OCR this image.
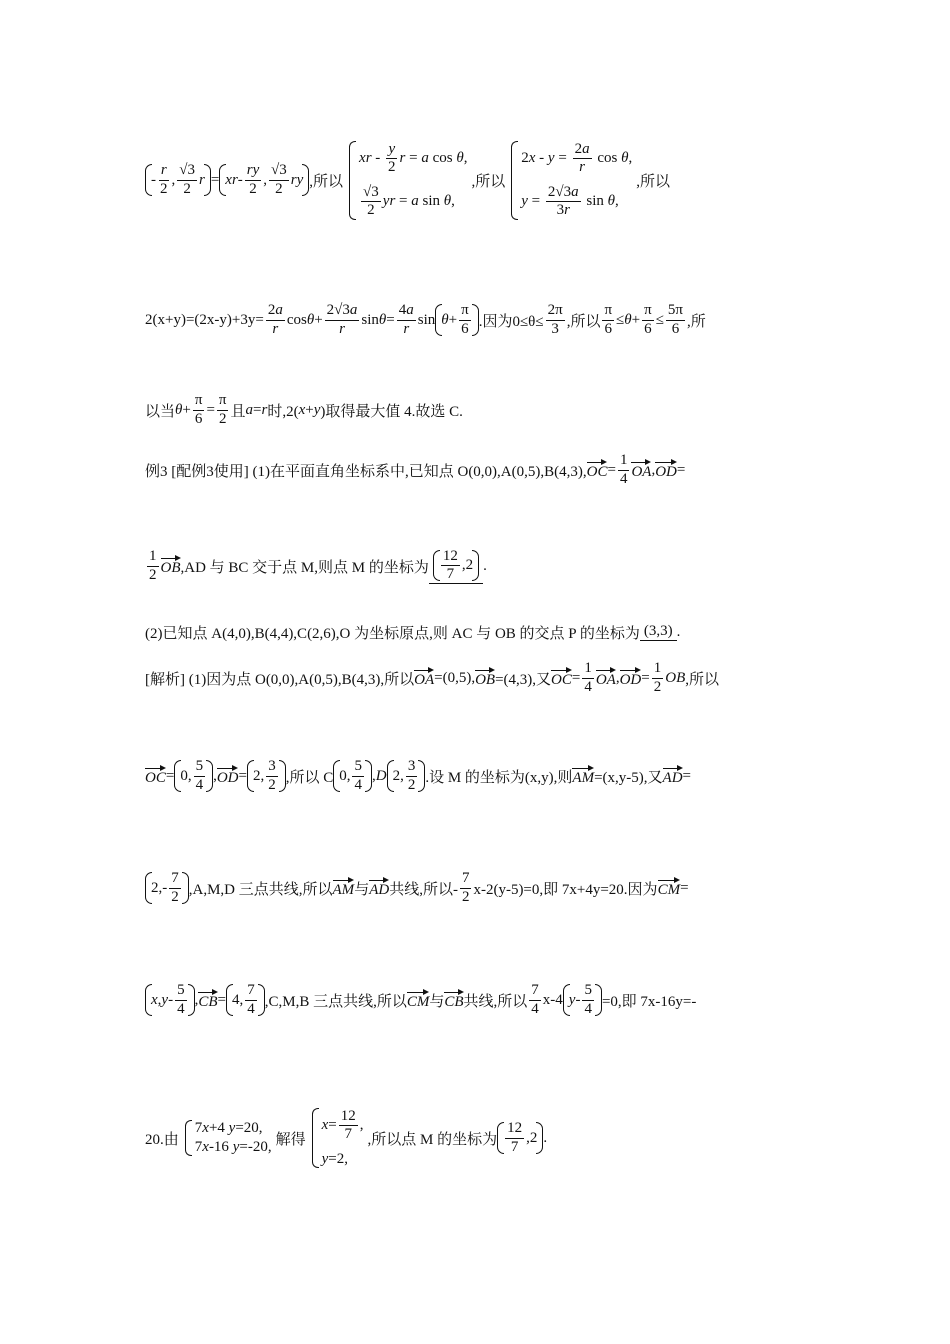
- $\frac{r}{2}$ , $\frac{√3}{2}$ r = xr - $\frac{ry}{2}$ , $\frac{√3}{2}$ ry ,所以
xr - $\frac{y}{2}$ r = a cos θ,
$\frac{√3}{2}$ yr = a sin θ,
,所以
$2x - y = \frac{2a}{r}$ cos θ,
$y = \frac{2√3a}{3r}$ sin θ,
,所以
$2(x+y)=(2x-y)+3y= \frac{2a}{r}$ $\cos \theta + \frac{2√3a}{r}$ $\sin \theta = \frac{4a}{r}$ $\sin \theta + \frac{\pi}{6}$ .因为$0\le\theta\le \frac{2\pi}{3}$ ,所以 $\frac{\pi}{6} \le \theta + \frac{\pi}{6} \le \frac{5\pi}{6}$ ,所
以当 $\theta + \frac{\pi}{6} = \frac{\pi}{2}$ 且 a = r 时,2( x + y )取得最大值 4.故选 C.
例3 [配例3使用] (1)在平面直角坐标系中,已知点 O(0,0),A(0,5),B(4,3), OC = $\frac{1}{4}$ OA , OD =
$\frac{1}{2}$ OB ,AD 与 BC 交于点 M,则点 M 的坐标为 $\frac{12}{7} ,2$ .
(2)已知点 A(4,0),B(4,4),C(2,6),O 为坐标原点,则 AC 与 OB 的交点 P 的坐标为 (3,3) .
[解析] (1)因为点 O(0,0),A(0,5),B(4,3),所以 OA =(0,5), OB =(4,3),又 OC = $\frac{1}{4}$ OA , OD = $\frac{1}{2}$ OB ,所以
OC = 0, $\frac{5}{4}$ , OD = 2, $\frac{3}{2}$ ,所以 C 0, $\frac{5}{4}$ , D 2, $\frac{3}{2}$ .设 M 的坐标为(x,y),则 AM =(x,y-5),又 AD =
$2,- \frac{7}{2} ,A,M,D$ 三点共线,所以 AM 与 AD 共线,所以- $\frac{7}{2} x-2(y-5)=0$,即 7x+4y=20.因为 CM =
x , y - $\frac{5}{4}$ , CB = 4, $\frac{7}{4} ,C,M,B$ 三点共线,所以 CM 与 CB 共线,所以 $\frac{7}{4} x-4$ $y - \frac{5}{4} =0$,即 7x-16y=-
20.由
7x+4 y=20,
7x-16 y=-20, 解得
$x= \frac{12}{7}$ ,
y=2,
,所以点 M 的坐标为 $\frac{12}{7} ,2$ .
